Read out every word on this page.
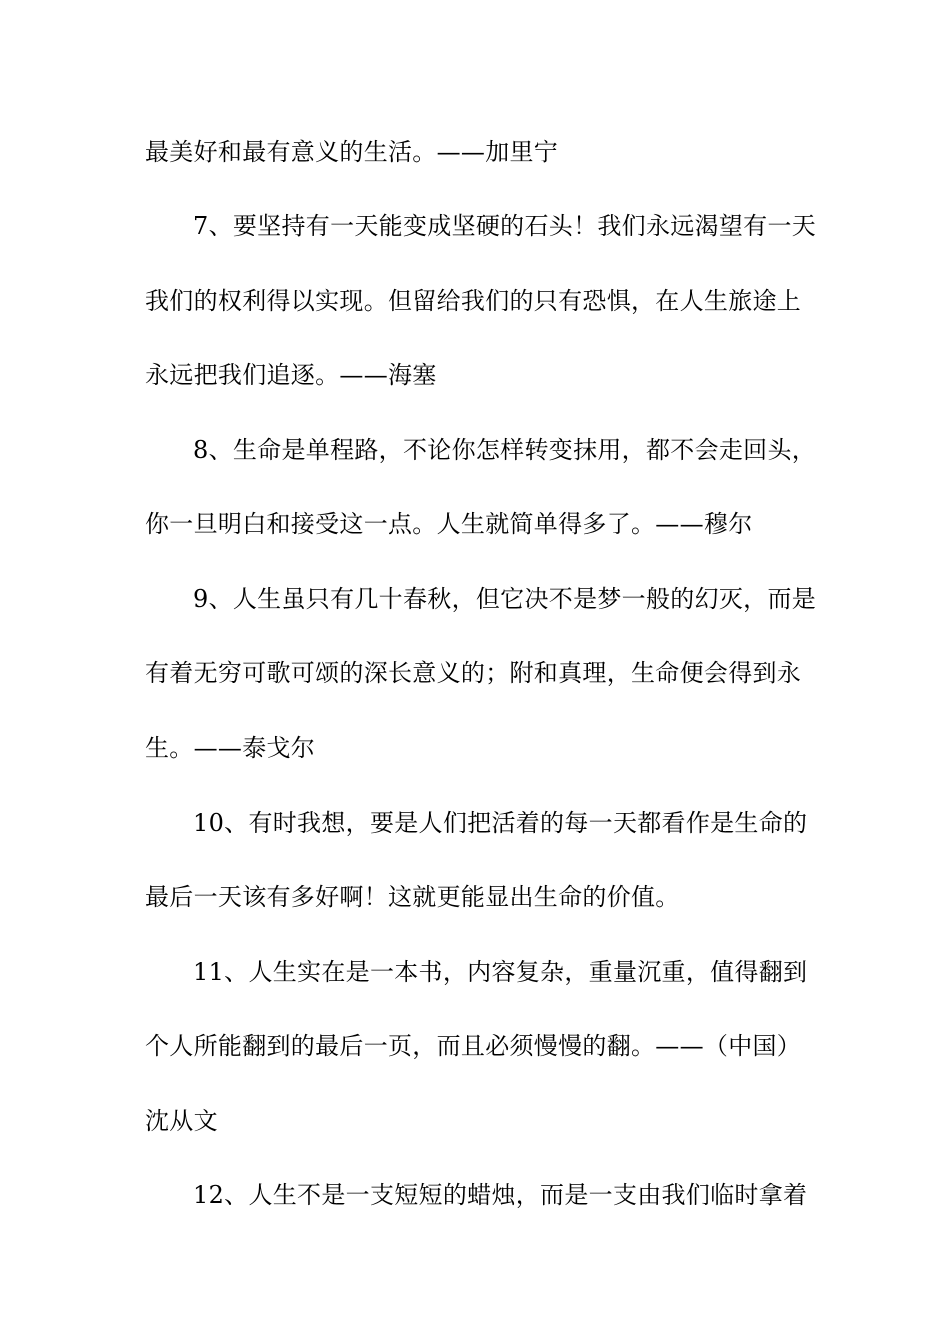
最美好和最有意义的生活。——加里宁
7、要坚持有一天能变成坚硬的石头！我们永远渴望有一天
我们的权利得以实现。但留给我们的只有恐惧，在人生旅途上
永远把我们追逐。——海塞
8、生命是单程路，不论你怎样转变抹用，都不会走回头，
你一旦明白和接受这一点。人生就简单得多了。——穆尔
9、人生虽只有几十春秋，但它决不是梦一般的幻灭，而是
有着无穷可歌可颂的深长意义的；附和真理，生命便会得到永
生。——泰戈尔
10、有时我想，要是人们把活着的每一天都看作是生命的
最后一天该有多好啊！这就更能显出生命的价值。
11、人生实在是一本书，内容复杂，重量沉重，值得翻到
个人所能翻到的最后一页，而且必须慢慢的翻。——（中国）
沈从文
12、人生不是一支短短的蜡烛，而是一支由我们临时拿着
